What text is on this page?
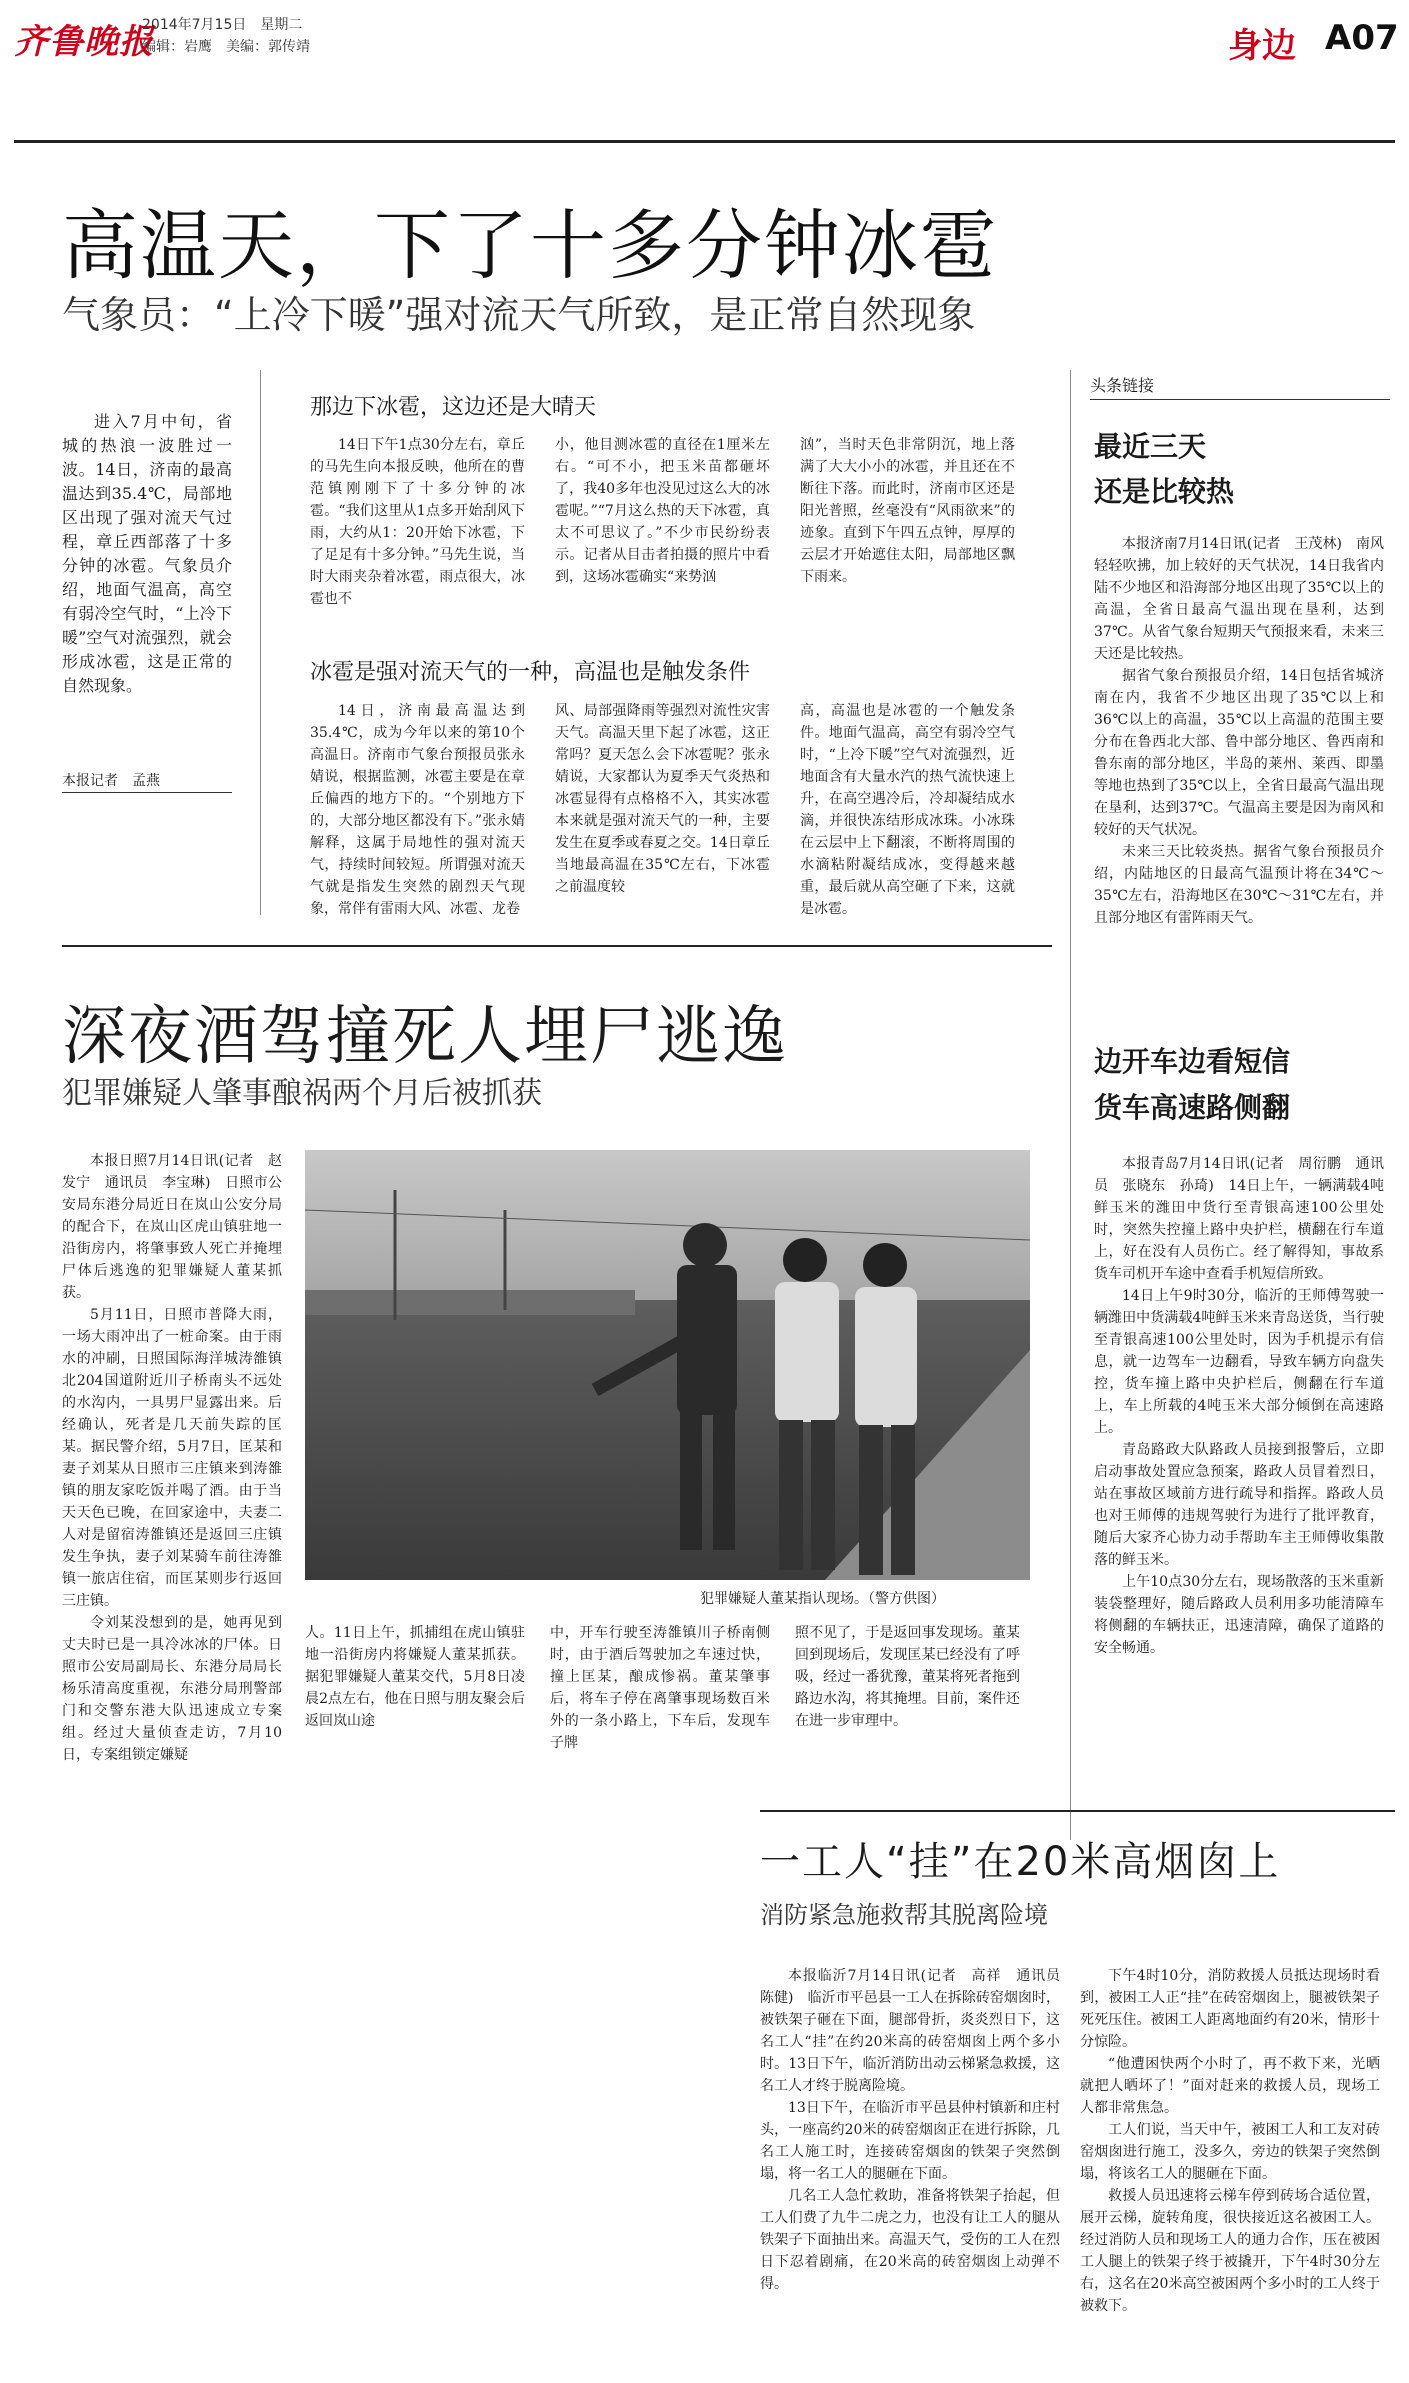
齐鲁晚报
2014年7月15日　星期二
编辑：岩鹰　美编：郭传靖	身边 A07
高温天，下了十多分钟冰雹
气象员：“上冷下暖”强对流天气所致，是正常自然现象

进入7月中旬，省城的热浪一波胜过一波。14日，济南的最高温达到35.4℃，局部地区出现了强对流天气过程，章丘西部落了十多分钟的冰雹。气象员介绍，地面气温高，高空有弱冷空气时，“上冷下暖”空气对流强烈，就会形成冰雹，这是正常的自然现象。

本报记者　孟燕
那边下冰雹，这边还是大晴天

14日下午1点30分左右，章丘的马先生向本报反映，他所在的曹范镇刚刚下了十多分钟的冰雹。“我们这里从1点多开始刮风下雨，大约从1：20开始下冰雹，下了足足有十多分钟。”马先生说，当时大雨夹杂着冰雹，雨点很大，冰雹也不

小，他目测冰雹的直径在1厘米左右。“可不小，把玉米苗都砸坏了，我40多年也没见过这么大的冰雹呢。”“7月这么热的天下冰雹，真太不可思议了。”不少市民纷纷表示。记者从目击者拍摄的照片中看到，这场冰雹确实“来势汹

汹”，当时天色非常阴沉，地上落满了大大小小的冰雹，并且还在不断往下落。而此时，济南市区还是阳光普照，丝毫没有“风雨欲来”的迹象。直到下午四五点钟，厚厚的云层才开始遮住太阳，局部地区飘下雨来。

冰雹是强对流天气的一种，高温也是触发条件

14日，济南最高温达到35.4℃，成为今年以来的第10个高温日。济南市气象台预报员张永婧说，根据监测，冰雹主要是在章丘偏西的地方下的。“个别地方下的，大部分地区都没有下。”张永婧解释，这属于局地性的强对流天气，持续时间较短。所谓强对流天气就是指发生突然的剧烈天气现象，常伴有雷雨大风、冰雹、龙卷

风、局部强降雨等强烈对流性灾害天气。高温天里下起了冰雹，这正常吗？夏天怎么会下冰雹呢？张永婧说，大家都认为夏季天气炎热和冰雹显得有点格格不入，其实冰雹本来就是强对流天气的一种，主要发生在夏季或春夏之交。14日章丘当地最高温在35℃左右，下冰雹之前温度较

高，高温也是冰雹的一个触发条件。地面气温高，高空有弱冷空气时，“上冷下暖”空气对流强烈，近地面含有大量水汽的热气流快速上升，在高空遇冷后，冷却凝结成水滴，并很快冻结形成冰珠。小冰珠在云层中上下翻滚，不断将周围的水滴粘附凝结成冰，变得越来越重，最后就从高空砸了下来，这就是冰雹。

头条链接
最近三天
还是比较热

本报济南7月14日讯(记者　王茂林)　南风轻轻吹拂，加上较好的天气状况，14日我省内陆不少地区和沿海部分地区出现了35℃以上的高温，全省日最高气温出现在垦利，达到37℃。从省气象台短期天气预报来看，未来三天还是比较热。

据省气象台预报员介绍，14日包括省城济南在内，我省不少地区出现了35℃以上和36℃以上的高温，35℃以上高温的范围主要分布在鲁西北大部、鲁中部分地区、鲁西南和鲁东南的部分地区，半岛的莱州、莱西、即墨等地也热到了35℃以上，全省日最高气温出现在垦利，达到37℃。气温高主要是因为南风和较好的天气状况。

未来三天比较炎热。据省气象台预报员介绍，内陆地区的日最高气温预计将在34℃～35℃左右，沿海地区在30℃～31℃左右，并且部分地区有雷阵雨天气。

边开车边看短信
货车高速路侧翻

本报青岛7月14日讯(记者　周衍鹏　通讯员　张晓东　孙琦)　14日上午，一辆满载4吨鲜玉米的潍田中货行至青银高速100公里处时，突然失控撞上路中央护栏，横翻在行车道上，好在没有人员伤亡。经了解得知，事故系货车司机开车途中查看手机短信所致。

14日上午9时30分，临沂的王师傅驾驶一辆潍田中货满载4吨鲜玉米来青岛送货，当行驶至青银高速100公里处时，因为手机提示有信息，就一边驾车一边翻看，导致车辆方向盘失控，货车撞上路中央护栏后，侧翻在行车道上，车上所载的4吨玉米大部分倾倒在高速路上。

青岛路政大队路政人员接到报警后，立即启动事故处置应急预案，路政人员冒着烈日，站在事故区域前方进行疏导和指挥。路政人员也对王师傅的违规驾驶行为进行了批评教育，随后大家齐心协力动手帮助车主王师傅收集散落的鲜玉米。

上午10点30分左右，现场散落的玉米重新装袋整理好，随后路政人员利用多功能清障车将侧翻的车辆扶正，迅速清障，确保了道路的安全畅通。

深夜酒驾撞死人埋尸逃逸
犯罪嫌疑人肇事酿祸两个月后被抓获

本报日照7月14日讯(记者　赵发宁　通讯员　李宝琳)　日照市公安局东港分局近日在岚山公安分局的配合下，在岚山区虎山镇驻地一沿街房内，将肇事致人死亡并掩埋尸体后逃逸的犯罪嫌疑人董某抓获。

5月11日，日照市普降大雨，一场大雨冲出了一桩命案。由于雨水的冲刷，日照国际海洋城涛雒镇北204国道附近川子桥南头不远处的水沟内，一具男尸显露出来。后经确认，死者是几天前失踪的匡某。据民警介绍，5月7日，匡某和妻子刘某从日照市三庄镇来到涛雒镇的朋友家吃饭并喝了酒。由于当天天色已晚，在回家途中，夫妻二人对是留宿涛雒镇还是返回三庄镇发生争执，妻子刘某骑车前往涛雒镇一旅店住宿，而匡某则步行返回三庄镇。

令刘某没想到的是，她再见到丈夫时已是一具冷冰冰的尸体。日照市公安局副局长、东港分局局长杨乐清高度重视，东港分局刑警部门和交警东港大队迅速成立专案组。经过大量侦查走访，7月10日，专案组锁定嫌疑

犯罪嫌疑人董某指认现场。（警方供图）

人。11日上午，抓捕组在虎山镇驻地一沿街房内将嫌疑人董某抓获。据犯罪嫌疑人董某交代，5月8日凌晨2点左右，他在日照与朋友聚会后返回岚山途

中，开车行驶至涛雒镇川子桥南侧时，由于酒后驾驶加之车速过快，撞上匡某，酿成惨祸。董某肇事后，将车子停在离肇事现场数百米外的一条小路上，下车后，发现车子牌

照不见了，于是返回事发现场。董某回到现场后，发现匡某已经没有了呼吸，经过一番犹豫，董某将死者拖到路边水沟，将其掩埋。目前，案件还在进一步审理中。

一工人“挂”在20米高烟囱上
消防紧急施救帮其脱离险境

本报临沂7月14日讯(记者　高祥　通讯员　陈健)　临沂市平邑县一工人在拆除砖窑烟囱时，被铁架子砸在下面，腿部骨折，炎炎烈日下，这名工人“挂”在约20米高的砖窑烟囱上两个多小时。13日下午，临沂消防出动云梯紧急救援，这名工人才终于脱离险境。

13日下午，在临沂市平邑县仲村镇新和庄村头，一座高约20米的砖窑烟囱正在进行拆除，几名工人施工时，连接砖窑烟囱的铁架子突然倒塌，将一名工人的腿砸在下面。

几名工人急忙救助，准备将铁架子抬起，但工人们费了九牛二虎之力，也没有让工人的腿从铁架子下面抽出来。高温天气，受伤的工人在烈日下忍着剧痛，在20米高的砖窑烟囱上动弹不得。

下午4时10分，消防救援人员抵达现场时看到，被困工人正“挂”在砖窑烟囱上，腿被铁架子死死压住。被困工人距离地面约有20米，情形十分惊险。

“他遭困快两个小时了，再不救下来，光晒就把人晒坏了！”面对赶来的救援人员，现场工人都非常焦急。

工人们说，当天中午，被困工人和工友对砖窑烟囱进行施工，没多久，旁边的铁架子突然倒塌，将该名工人的腿砸在下面。

救援人员迅速将云梯车停到砖场合适位置，展开云梯，旋转角度，很快接近这名被困工人。经过消防人员和现场工人的通力合作，压在被困工人腿上的铁架子终于被撬开，下午4时30分左右，这名在20米高空被困两个多小时的工人终于被救下。
